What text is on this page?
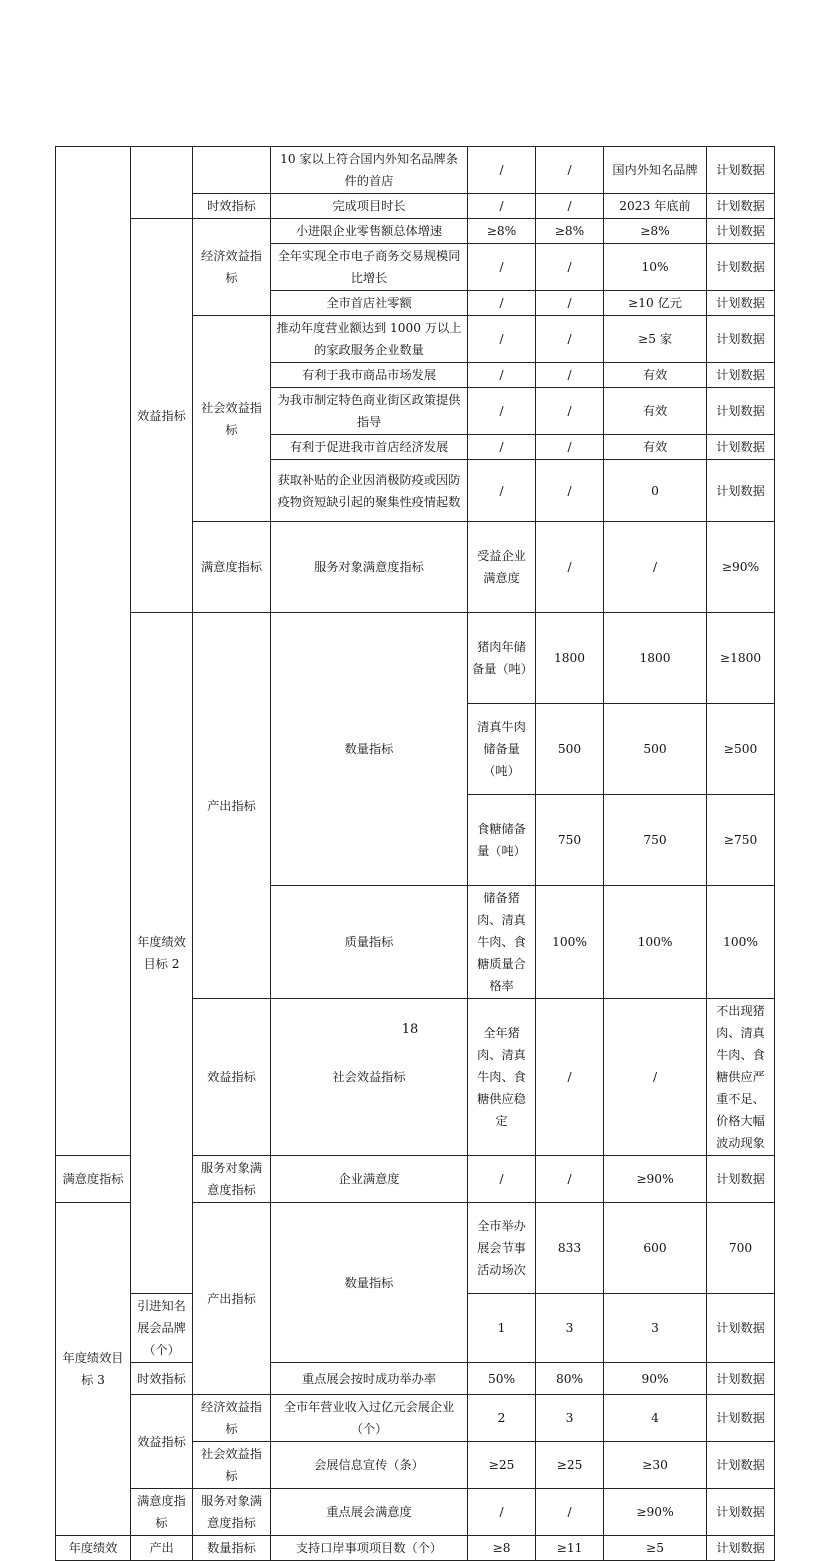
			10 家以上符合国内外知名品牌条件的首店	/	/	国内外知名品牌	计划数据	
		时效指标	完成项目时长	/	/	2023 年底前	计划数据	
	效益指标	经济效益指标	小进限企业零售额总体增速	≥8%	≥8%	≥8%	计划数据	
			全年实现全市电子商务交易规模同比增长	/	/	10%	计划数据	
			全市首店社零额	/	/	≥10 亿元	计划数据	
		社会效益指标	推动年度营业额达到 1000 万以上的家政服务企业数量	/	/	≥5 家	计划数据	
			有利于我市商品市场发展	/	/	有效	计划数据	
			为我市制定特色商业街区政策提供指导	/	/	有效	计划数据	
			有利于促进我市首店经济发展	/	/	有效	计划数据	
			获取补贴的企业因消极防疫或因防疫物资短缺引起的聚集性疫情起数	/	/	0	计划数据	
		满意度指标	服务对象满意度指标	受益企业满意度	/	/	≥90%	
	年度绩效目标 2	产出指标	数量指标	猪肉年储备量（吨）	1800	1800	≥1800	
				清真牛肉储备量（吨）	500	500	≥500	
				食糖储备量（吨）	750	750	≥750	
			质量指标	储备猪肉、清真牛肉、食糖质量合格率	100%	100%	100%	
		效益指标	社会效益指标	全年猪肉、清真牛肉、食糖供应稳定	/	/	不出现猪肉、清真牛肉、食糖供应严重不足、价格大幅波动现象	
满意度指标		服务对象满意度指标	企业满意度	/	/	≥90%	计划数据	
年度绩效目标 3		产出指标	数量指标	全市举办展会节事活动场次	833	600	700	
	引进知名展会品牌（个）			1	3	3	计划数据	
	时效指标		重点展会按时成功举办率	50%	80%	90%	计划数据	
	效益指标	经济效益指标	全市年营业收入过亿元会展企业（个）	2	3	4	计划数据	
		社会效益指标	会展信息宣传（条）	≥25	≥25	≥30	计划数据	
	满意度指标	服务对象满意度指标	重点展会满意度	/	/	≥90%	计划数据	
年度绩效	产出	数量指标	支持口岸事项项目数（个）	≥8	≥11	≥5	计划数据	
18
